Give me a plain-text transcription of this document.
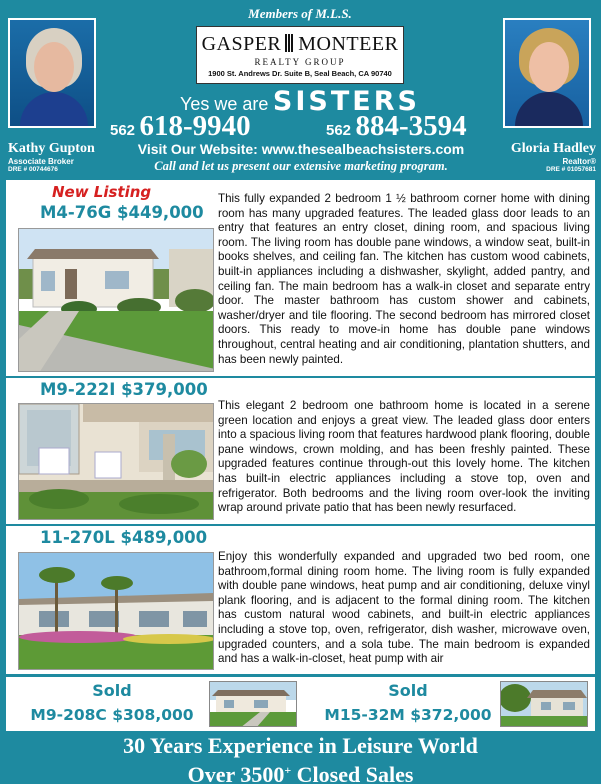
Members of M.L.S.
GASPER MONTEER
REALTY GROUP
1900 St. Andrews Dr. Suite B, Seal Beach, CA 90740
Yes we are SISTERS
562 618-9940	562 884-3594
Visit Our Website: www.thesealbeachsisters.com
Call and let us present our extensive marketing program.
Kathy Gupton
Associate Broker
DRE # 00744676
Gloria Hadley
Realtor®
DRE # 01057681
New Listing
M4-76G $449,000
This fully expanded 2 bedroom 1 ½ bathroom corner home with dining room has many upgraded features. The leaded glass door leads to an entry that features an entry closet, dining room, and spacious living room. The living room has double pane windows, a window seat, built-in books shelves, and ceiling fan. The kitchen has custom wood cabinets, built-in appliances including a dishwasher, skylight, added pantry, and ceiling fan. The main bedroom has a walk-in closet and separate entry door. The master bathroom has custom shower and cabinets, washer/dryer and tile flooring. The second bedroom has mirrored closet doors. This ready to move-in home has double pane windows throughout, central heating and air conditioning, plantation shutters, and has been newly painted.
M9-222I $379,000
This elegant 2 bedroom one bathroom home is located in a serene green location and enjoys a great view. The leaded glass door enters into a spacious living room that features hardwood plank flooring, double pane windows, crown molding, and has been freshly painted. These upgraded features continue through-out this lovely home. The kitchen has built-in electric appliances including a stove top, oven and refrigerator. Both bedrooms and the living room over-look the inviting wrap around private patio that has been newly resurfaced.
11-270L $489,000
Enjoy this wonderfully expanded and upgraded two bed room, one bathroom,formal dining room home. The living room is fully expanded with double pane windows, heat pump and air conditioning, deluxe vinyl plank flooring, and is adjacent to the formal dining room. The kitchen has custom natural wood cabinets, and built-in electric appliances including a stove top, oven, refrigerator, dish washer, microwave oven, upgraded counters, and a sola tube. The main bedroom is expanded and has a walk-in-closet, heat pump with air
Sold
M9-208C $308,000
Sold
M15-32M $372,000
30 Years Experience in Leisure World
Over 3500+ Closed Sales
